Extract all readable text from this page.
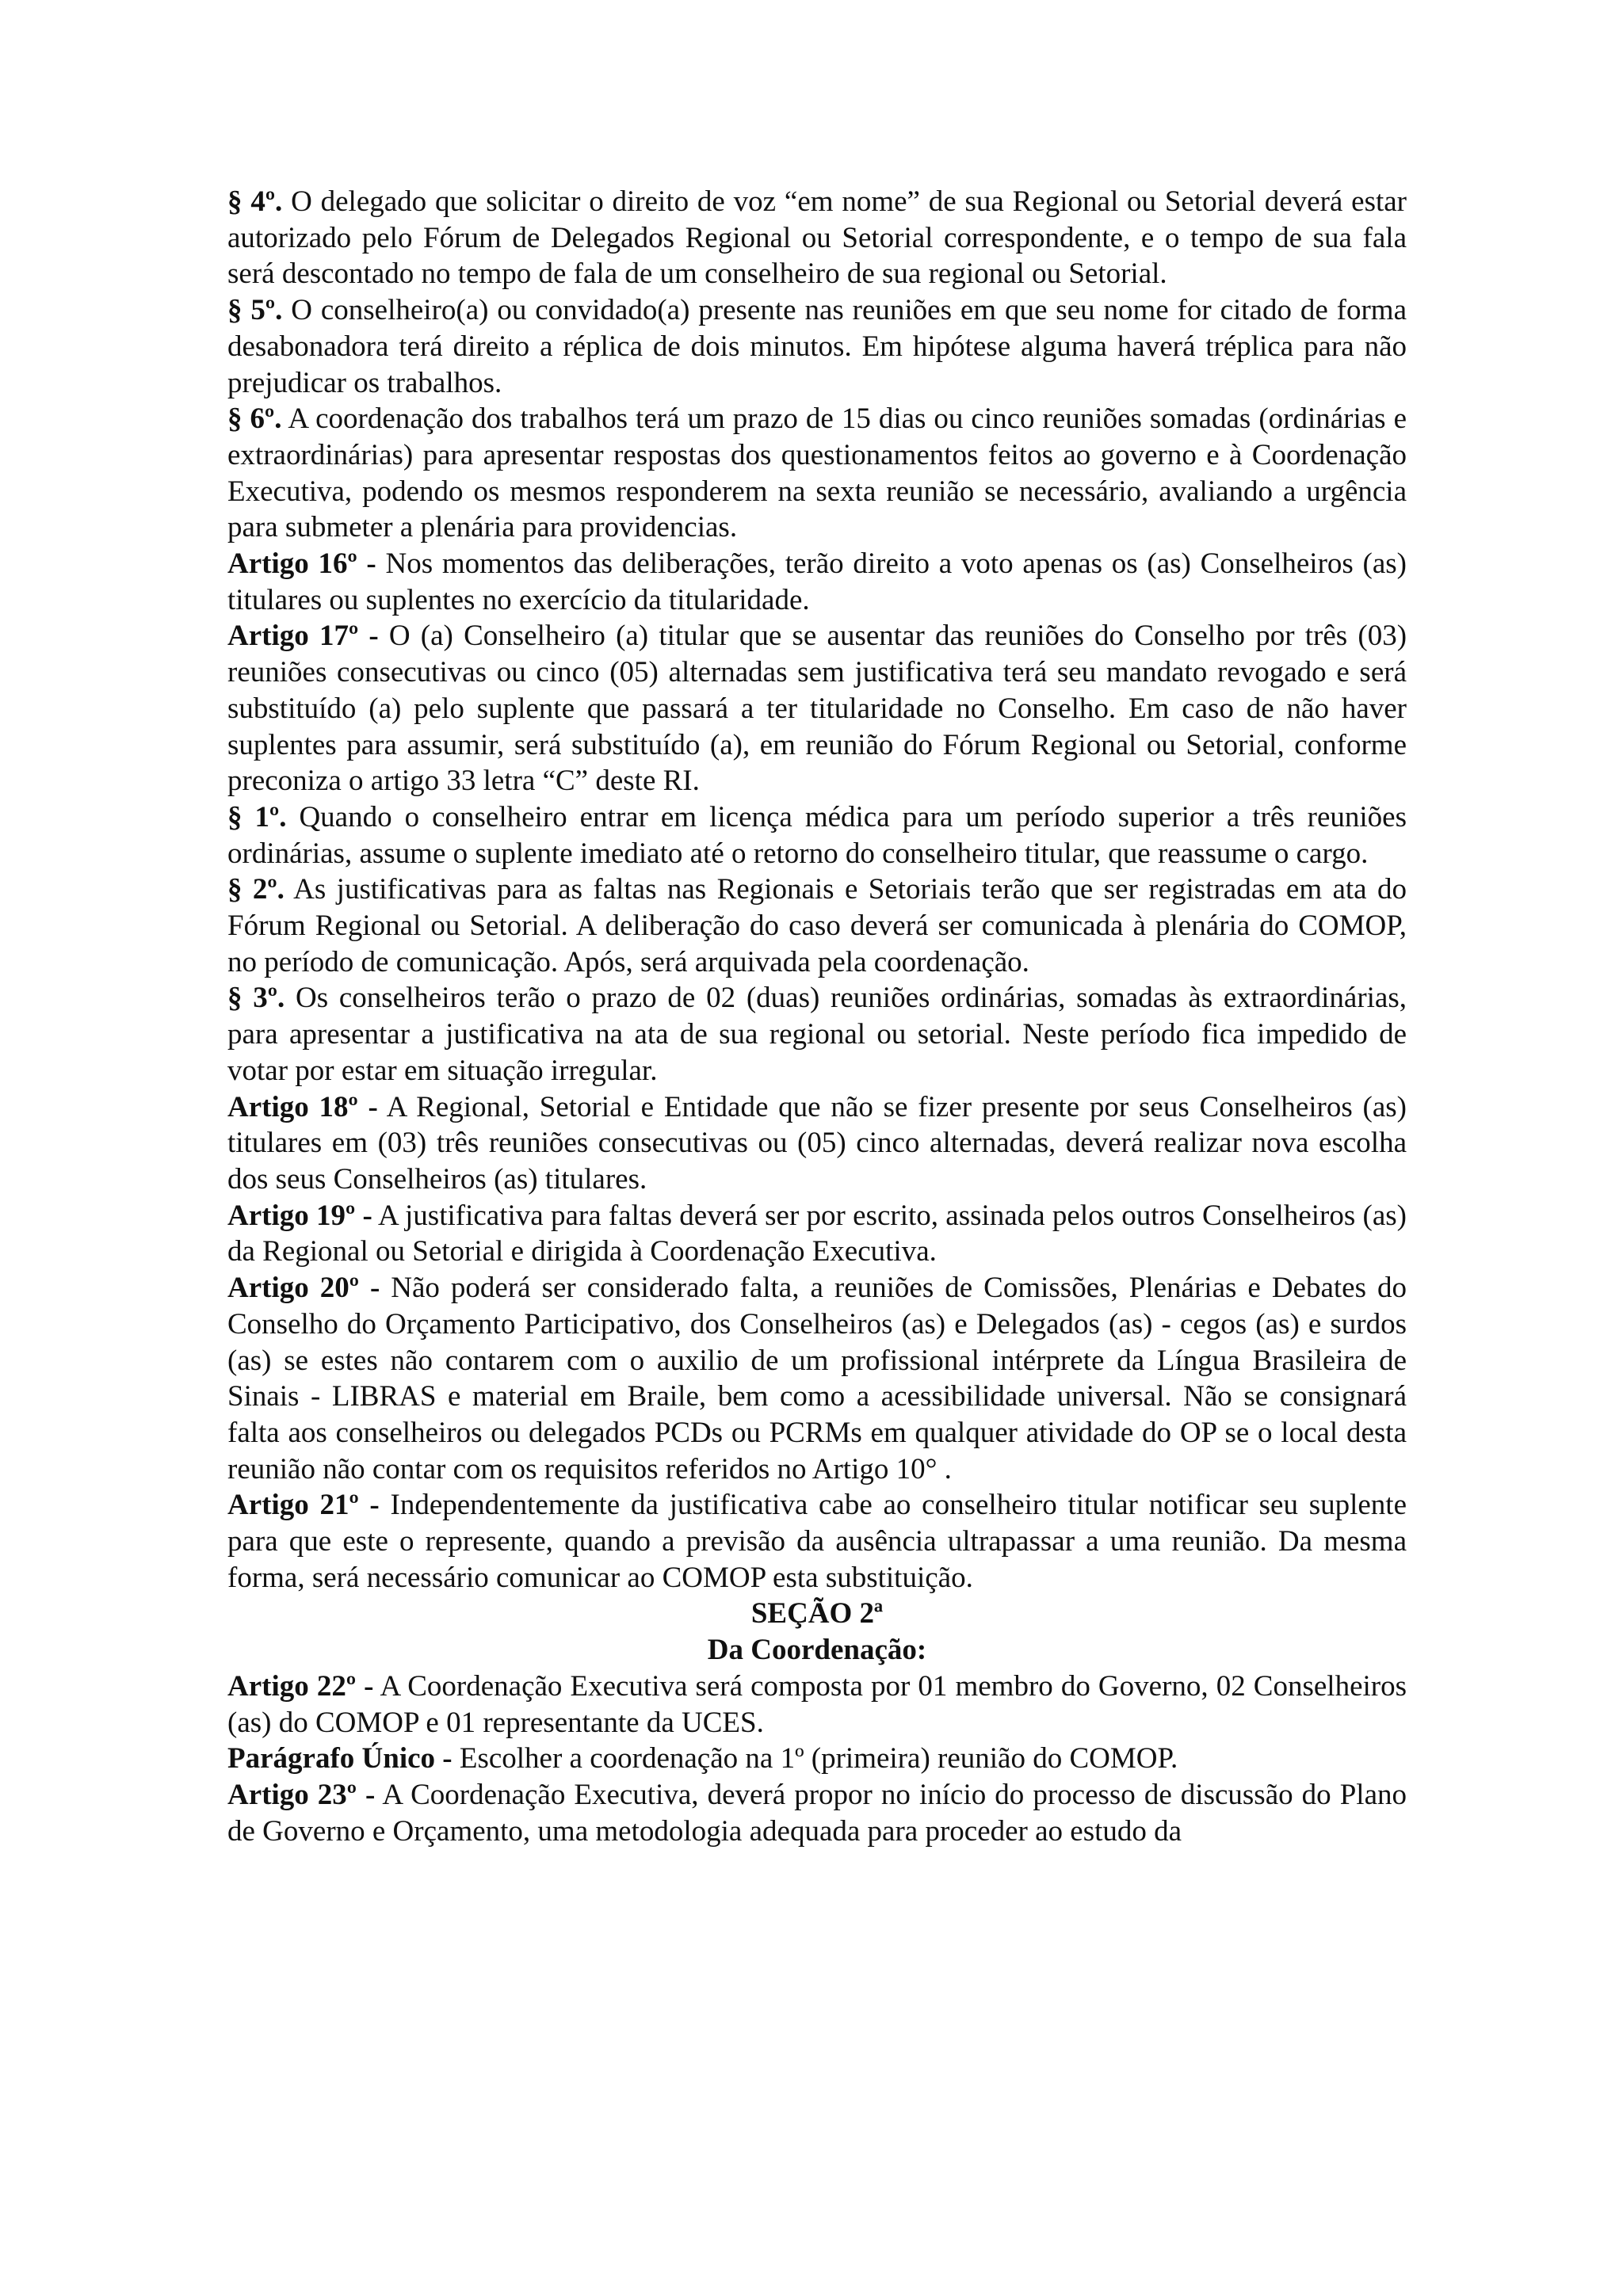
§ 4º. O delegado que solicitar o direito de voz “em nome” de sua Regional ou Setorial deverá estar autorizado pelo Fórum de Delegados Regional ou Setorial correspondente, e o tempo de sua fala será descontado no tempo de fala de um conselheiro de sua regional ou Setorial.

§ 5º. O conselheiro(a) ou convidado(a) presente nas reuniões em que seu nome for citado de forma desabonadora terá direito a réplica de dois minutos. Em hipótese alguma haverá tréplica para não prejudicar os trabalhos.

§ 6º. A coordenação dos trabalhos terá um prazo de 15 dias ou cinco reuniões somadas (ordinárias e extraordinárias) para apresentar respostas dos questionamentos feitos ao governo e à Coordenação Executiva, podendo os mesmos responderem na sexta reunião se necessário, avaliando a urgência para submeter a plenária para providencias.

Artigo 16º - Nos momentos das deliberações, terão direito a voto apenas os (as) Conselheiros (as) titulares ou suplentes no exercício da titularidade.

Artigo 17º - O (a) Conselheiro (a) titular que se ausentar das reuniões do Conselho por três (03) reuniões consecutivas ou cinco (05) alternadas sem justificativa terá seu mandato revogado e será substituído (a) pelo suplente que passará a ter titularidade no Conselho. Em caso de não haver suplentes para assumir, será substituído (a), em reunião do Fórum Regional ou Setorial, conforme preconiza o artigo 33 letra “C” deste RI.

§ 1º. Quando o conselheiro entrar em licença médica para um período superior a três reuniões ordinárias, assume o suplente imediato até o retorno do conselheiro titular, que reassume o cargo.

§ 2º. As justificativas para as faltas nas Regionais e Setoriais terão que ser registradas em ata do Fórum Regional ou Setorial. A deliberação do caso deverá ser comunicada à plenária do COMOP, no período de comunicação. Após, será arquivada pela coordenação.

§ 3º. Os conselheiros terão o prazo de 02 (duas) reuniões ordinárias, somadas às extraordinárias, para apresentar a justificativa na ata de sua regional ou setorial. Neste período fica impedido de votar por estar em situação irregular.

Artigo 18º - A Regional, Setorial e Entidade que não se fizer presente por seus Conselheiros (as) titulares em (03) três reuniões consecutivas ou (05) cinco alternadas, deverá realizar nova escolha dos seus Conselheiros (as) titulares.

Artigo 19º - A justificativa para faltas deverá ser por escrito, assinada pelos outros Conselheiros (as) da Regional ou Setorial e dirigida à Coordenação Executiva.

Artigo 20º - Não poderá ser considerado falta, a reuniões de Comissões, Plenárias e Debates do Conselho do Orçamento Participativo, dos Conselheiros (as) e Delegados (as) - cegos (as) e surdos (as) se estes não contarem com o auxilio de um profissional intérprete da Língua Brasileira de Sinais - LIBRAS e material em Braile, bem como a acessibilidade universal. Não se consignará falta aos conselheiros ou delegados PCDs ou PCRMs em qualquer atividade do OP se o local desta reunião não contar com os requisitos referidos no Artigo 10° .

Artigo 21º - Independentemente da justificativa cabe ao conselheiro titular notificar seu suplente para que este o represente, quando a previsão da ausência ultrapassar a uma reunião. Da mesma forma, será necessário comunicar ao COMOP esta substituição.

SEÇÃO 2ª

Da Coordenação:

Artigo 22º - A Coordenação Executiva será composta por 01 membro do Governo, 02 Conselheiros (as) do COMOP e 01 representante da UCES.

Parágrafo Único - Escolher a coordenação na 1º (primeira) reunião do COMOP.

Artigo 23º - A Coordenação Executiva, deverá propor no início do processo de discussão do Plano de Governo e Orçamento, uma metodologia adequada para proceder ao estudo da
